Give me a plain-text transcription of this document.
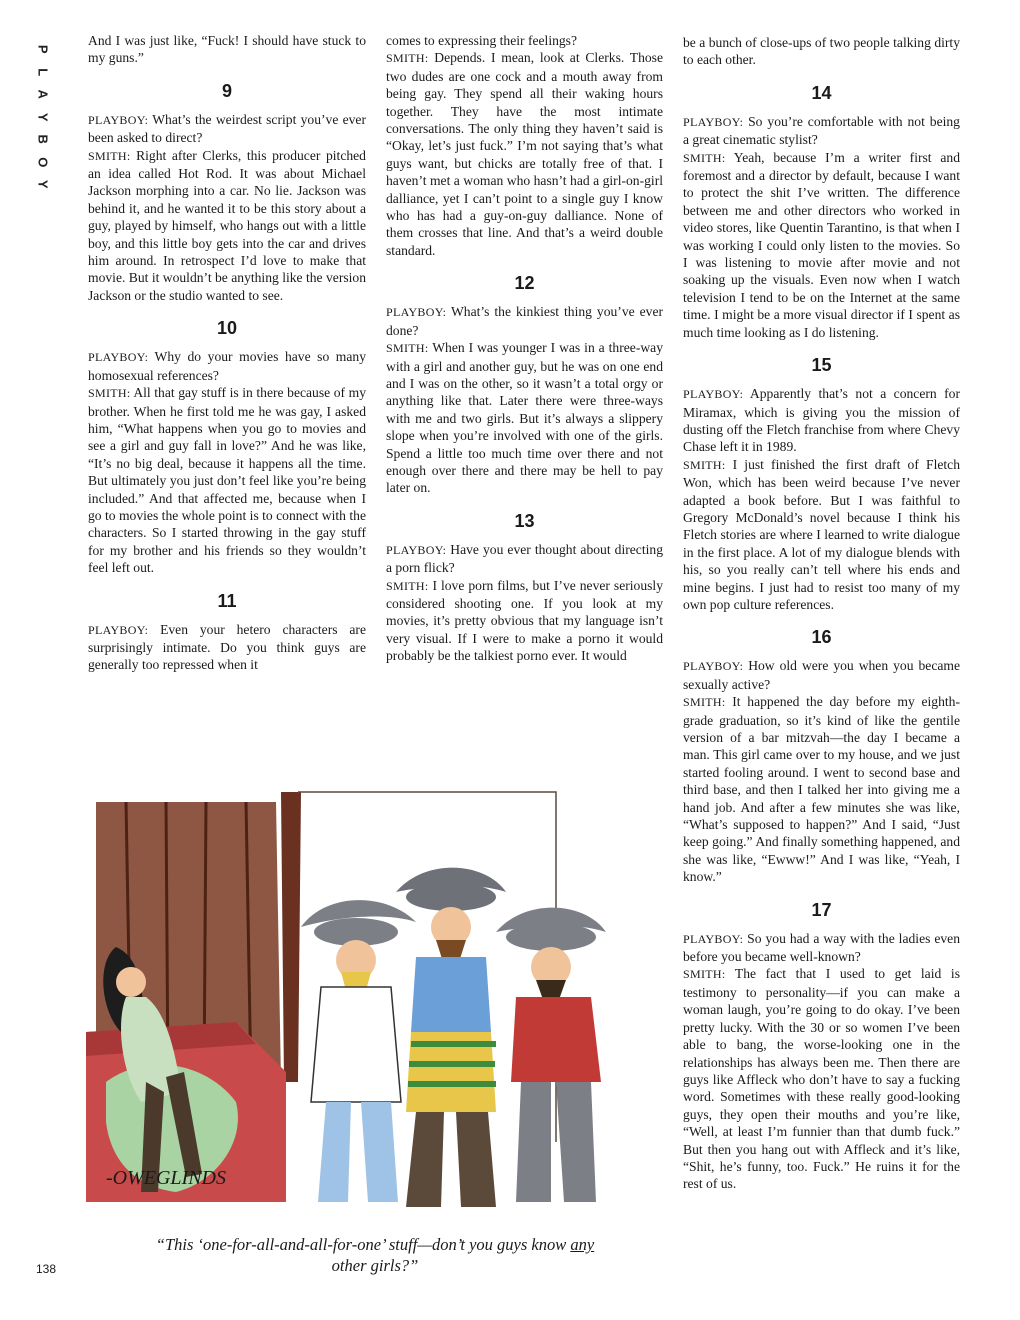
P
L
A
Y
B
O
Y

And I was just like, “Fuck! I should have stuck to my guns.”

9

PLAYBOY: What’s the weirdest script you’ve ever been asked to direct?

SMITH: Right after Clerks, this producer pitched an idea called Hot Rod. It was about Michael Jackson morphing into a car. No lie. Jackson was behind it, and he wanted it to be this story about a guy, played by himself, who hangs out with a little boy, and this little boy gets into the car and drives him around. In retrospect I’d love to make that movie. But it wouldn’t be anything like the version Jackson or the studio wanted to see.

10

PLAYBOY: Why do your movies have so many homosexual references?

SMITH: All that gay stuff is in there because of my brother. When he first told me he was gay, I asked him, “What happens when you go to movies and see a girl and guy fall in love?” And he was like, “It’s no big deal, because it happens all the time. But ultimately you just don’t feel like you’re being included.” And that affected me, because when I go to movies the whole point is to connect with the characters. So I started throwing in the gay stuff for my brother and his friends so they wouldn’t feel left out.

11

PLAYBOY: Even your hetero characters are surprisingly intimate. Do you think guys are generally too repressed when it

comes to expressing their feelings?

SMITH: Depends. I mean, look at Clerks. Those two dudes are one cock and a mouth away from being gay. They spend all their waking hours together. They have the most intimate conversations. The only thing they haven’t said is “Okay, let’s just fuck.” I’m not saying that’s what guys want, but chicks are totally free of that. I haven’t met a woman who hasn’t had a girl-on-girl dalliance, yet I can’t point to a single guy I know who has had a guy-on-guy dalliance. None of them crosses that line. And that’s a weird double standard.

12

PLAYBOY: What’s the kinkiest thing you’ve ever done?

SMITH: When I was younger I was in a three-way with a girl and another guy, but he was on one end and I was on the other, so it wasn’t a total orgy or anything like that. Later there were three-ways with me and two girls. But it’s always a slippery slope when you’re involved with one of the girls. Spend a little too much time over there and not enough over there and there may be hell to pay later on.

13

PLAYBOY: Have you ever thought about directing a porn flick?

SMITH: I love porn films, but I’ve never seriously considered shooting one. If you look at my movies, it’s pretty obvious that my language isn’t very visual. If I were to make a porno it would probably be the talkiest porno ever. It would

be a bunch of close-ups of two people talking dirty to each other.

14

PLAYBOY: So you’re comfortable with not being a great cinematic stylist?

SMITH: Yeah, because I’m a writer first and foremost and a director by default, because I want to protect the shit I’ve written. The difference between me and other directors who worked in video stores, like Quentin Tarantino, is that when I was working I could only listen to the movies. So I was listening to movie after movie and not soaking up the visuals. Even now when I watch television I tend to be on the Internet at the same time. I might be a more visual director if I spent as much time looking as I do listening.

15

PLAYBOY: Apparently that’s not a concern for Miramax, which is giving you the mission of dusting off the Fletch franchise from where Chevy Chase left it in 1989.

SMITH: I just finished the first draft of Fletch Won, which has been weird because I’ve never adapted a book before. But I was faithful to Gregory McDonald’s novel because I think his Fletch stories are where I learned to write dialogue in the first place. A lot of my dialogue blends with his, so you really can’t tell where his ends and mine begins. I just had to resist too many of my own pop culture references.

16

PLAYBOY: How old were you when you became sexually active?

SMITH: It happened the day before my eighth-grade graduation, so it’s kind of like the gentile version of a bar mitzvah—the day I became a man. This girl came over to my house, and we just started fooling around. I went to second base and third base, and then I talked her into giving me a hand job. And after a few minutes she was like, “What’s supposed to happen?” And I said, “Just keep going.” And finally something happened, and she was like, “Ewww!” And I was like, “Yeah, I know.”

17

PLAYBOY: So you had a way with the ladies even before you became well-known?

SMITH: The fact that I used to get laid is testimony to personality—if you can make a woman laugh, you’re going to do okay. I’ve been pretty lucky. With the 30 or so women I’ve been able to bang, the worse-looking one in the relationships has always been me. Then there are guys like Affleck who don’t have to say a fucking word. Sometimes with these really good-looking guys, they open their mouths and you’re like, “Well, at least I’m funnier than that dumb fuck.” But then you hang out with Affleck and it’s like, “Shit, he’s funny, too. Fuck.” He ruins it for the rest of us.

-OWEGLINDS
“This ‘one-for-all-and-all-for-one’ stuff—don’t you guys know any other girls?”
138
